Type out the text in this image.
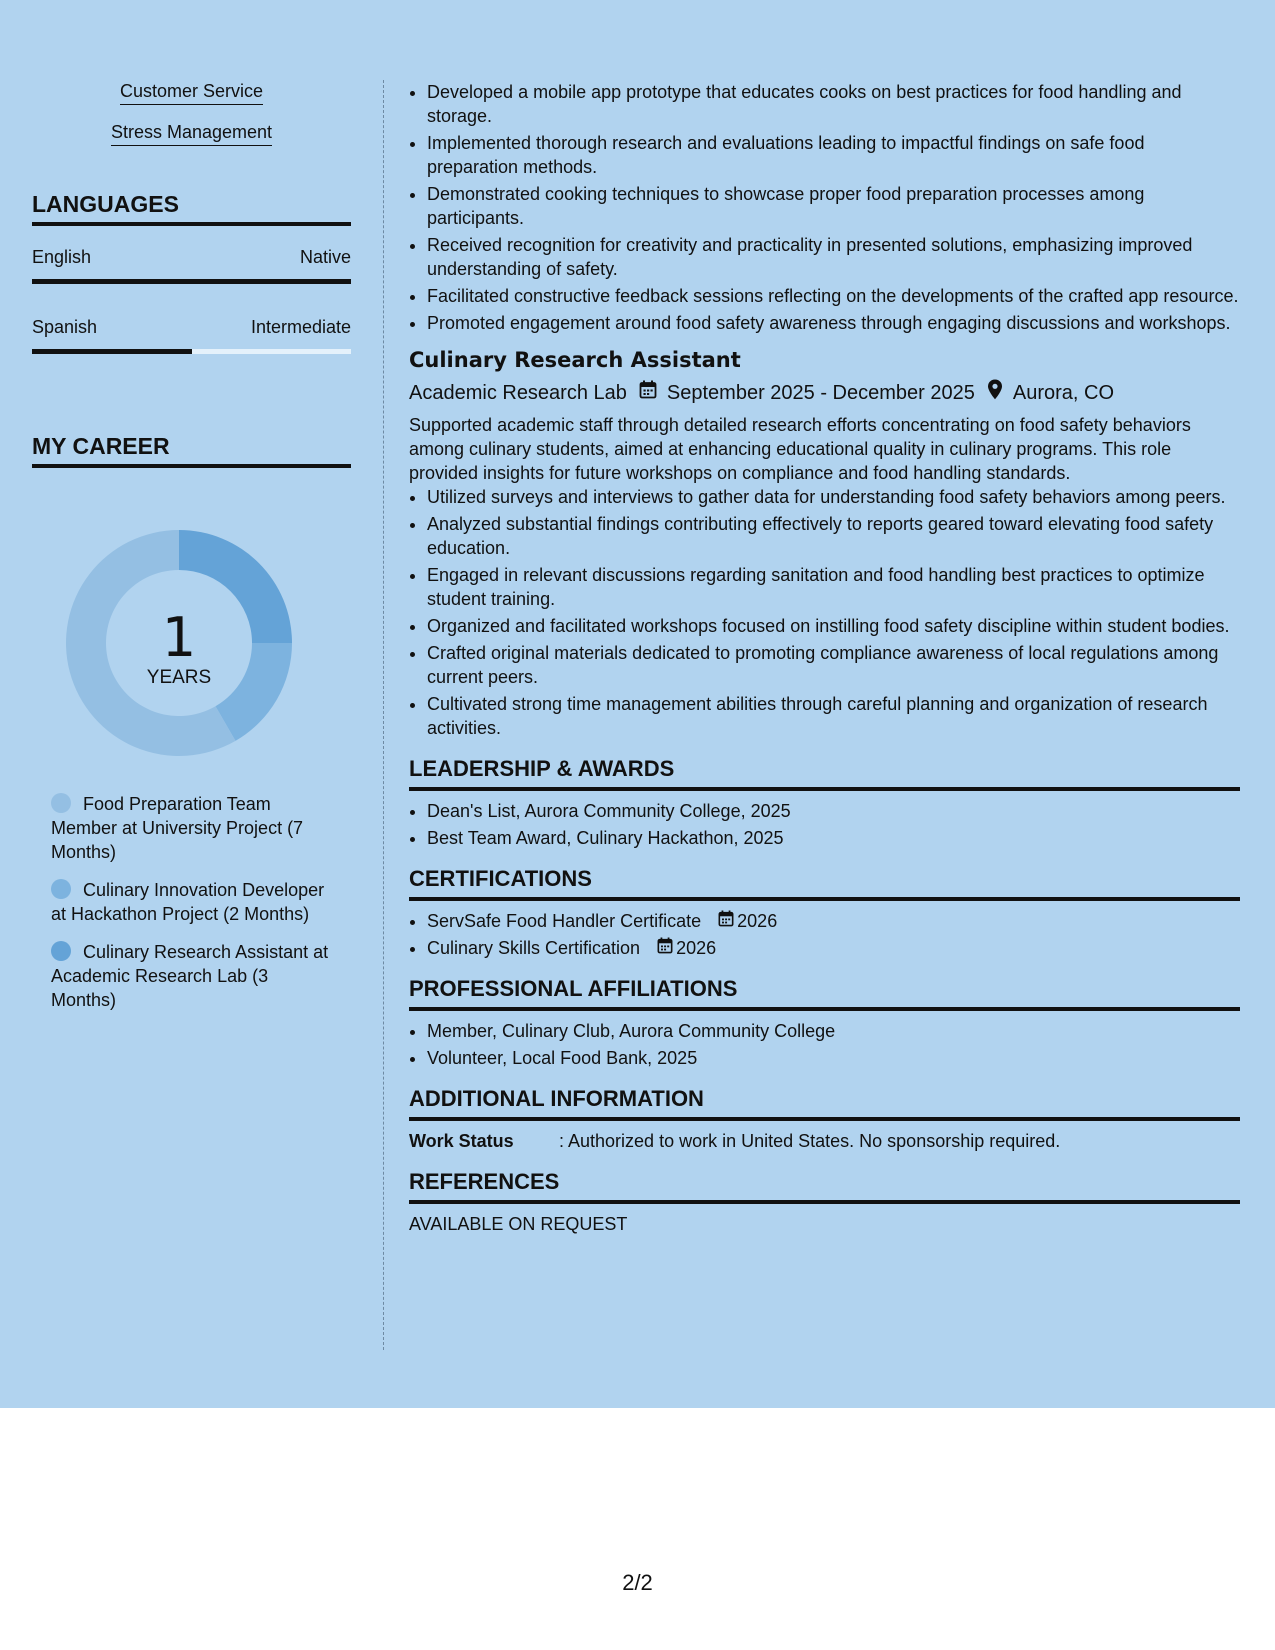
Customer Service
Stress Management
LANGUAGES
English	Native
Spanish	Intermediate
MY CAREER
1
YEARS
Food Preparation Team Member at University Project (7 Months)
Culinary Innovation Developer at Hackathon Project (2 Months)
Culinary Research Assistant at Academic Research Lab (3 Months)
• Developed a mobile app prototype that educates cooks on best practices for food handling and storage.
• Implemented thorough research and evaluations leading to impactful findings on safe food preparation methods.
• Demonstrated cooking techniques to showcase proper food preparation processes among participants.
• Received recognition for creativity and practicality in presented solutions, emphasizing improved understanding of safety.
• Facilitated constructive feedback sessions reflecting on the developments of the crafted app resource.
• Promoted engagement around food safety awareness through engaging discussions and workshops.
Culinary Research Assistant
Academic Research Lab September 2025 - December 2025 Aurora, CO
Supported academic staff through detailed research efforts concentrating on food safety behaviors among culinary students, aimed at enhancing educational quality in culinary programs. This role provided insights for future workshops on compliance and food handling standards.
• Utilized surveys and interviews to gather data for understanding food safety behaviors among peers.
• Analyzed substantial findings contributing effectively to reports geared toward elevating food safety education.
• Engaged in relevant discussions regarding sanitation and food handling best practices to optimize student training.
• Organized and facilitated workshops focused on instilling food safety discipline within student bodies.
• Crafted original materials dedicated to promoting compliance awareness of local regulations among current peers.
• Cultivated strong time management abilities through careful planning and organization of research activities.
LEADERSHIP & AWARDS
• Dean's List, Aurora Community College, 2025
• Best Team Award, Culinary Hackathon, 2025
CERTIFICATIONS
• ServSafe Food Handler Certificate 2026
• Culinary Skills Certification 2026
PROFESSIONAL AFFILIATIONS
• Member, Culinary Club, Aurora Community College
• Volunteer, Local Food Bank, 2025
ADDITIONAL INFORMATION
Work Status	: Authorized to work in United States. No sponsorship required.
REFERENCES
AVAILABLE ON REQUEST
2/2
